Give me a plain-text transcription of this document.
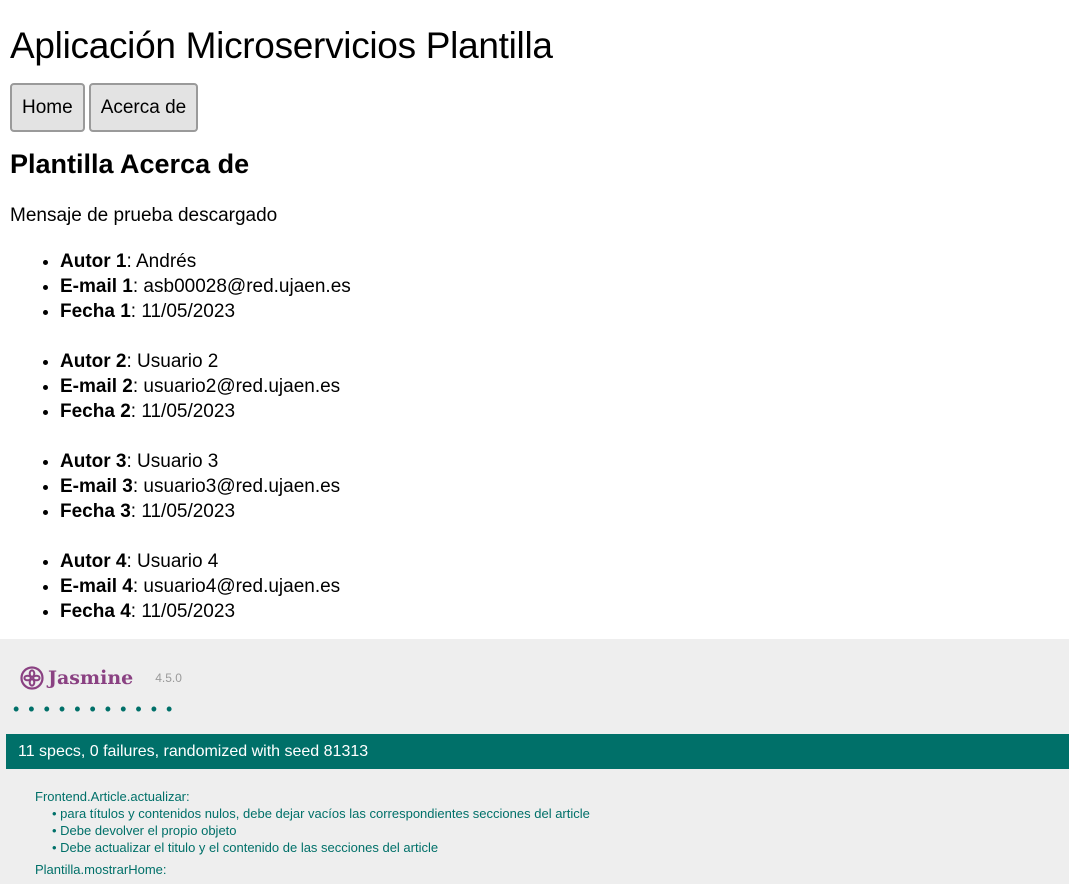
Aplicación Microservicios Plantilla
Home	Acerca de
Plantilla Acerca de
Mensaje de prueba descargado
• Autor 1: Andrés
• E-mail 1: asb00028@red.ujaen.es
• Fecha 1: 11/05/2023
• Autor 2: Usuario 2
• E-mail 2: usuario2@red.ujaen.es
• Fecha 2: 11/05/2023
• Autor 3: Usuario 3
• E-mail 3: usuario3@red.ujaen.es
• Fecha 3: 11/05/2023
• Autor 4: Usuario 4
• E-mail 4: usuario4@red.ujaen.es
• Fecha 4: 11/05/2023
Jasmine 4.5.0
•••••••••••
11 specs, 0 failures, randomized with seed 81313
Frontend.Article.actualizar:
• para títulos y contenidos nulos, debe dejar vacíos las correspondientes secciones del article
• Debe devolver el propio objeto
• Debe actualizar el titulo y el contenido de las secciones del article
Plantilla.mostrarHome:
